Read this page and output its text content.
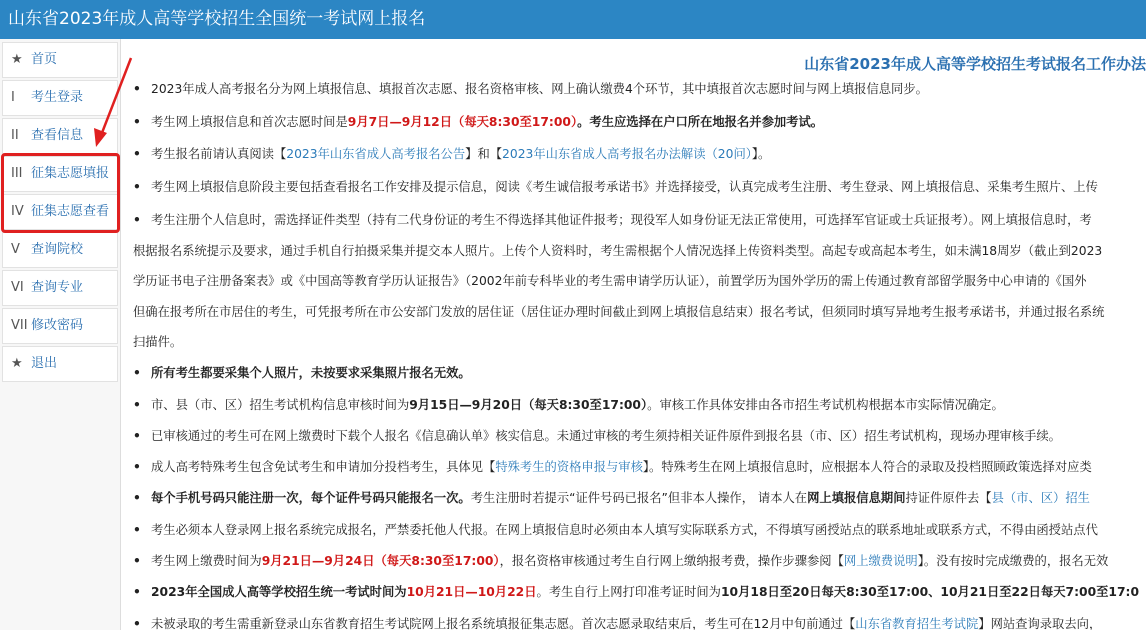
山东省2023年成人高等学校招生全国统一考试网上报名
★ 首页
I 考生登录
II 查看信息
III 征集志愿填报
IV 征集志愿查看
V 查询院校
VI 查询专业
VII 修改密码
★ 退出
山东省2023年成人高等学校招生考试报名工作办法
• 2023年成人高考报名分为网上填报信息、填报首次志愿、报名资格审核、网上确认缴费4个环节，其中填报首次志愿时间与网上填报信息同步。
• 考生网上填报信息和首次志愿时间是9月7日—9月12日（每天8:30至17:00）。考生应选择在户口所在地报名并参加考试。
• 考生报名前请认真阅读【2023年山东省成人高考报名公告】和【2023年山东省成人高考报名办法解读（20问）】。
• 考生网上填报信息阶段主要包括查看报名工作安排及提示信息，阅读《考生诚信报考承诺书》并选择接受，认真完成考生注册、考生登录、网上填报信息、采集考生照片、上传
• 考生注册个人信息时，需选择证件类型（持有二代身份证的考生不得选择其他证件报考；现役军人如身份证无法正常使用，可选择军官证或士兵证报考）。网上填报信息时，考
根据报名系统提示及要求，通过手机自行拍摄采集并提交本人照片。上传个人资料时，考生需根据个人情况选择上传资料类型。高起专或高起本考生，如未满18周岁（截止到2023
学历证书电子注册备案表》或《中国高等教育学历认证报告》（2002年前专科毕业的考生需申请学历认证），前置学历为国外学历的需上传通过教育部留学服务中心申请的《国外
但确在报考所在市居住的考生，可凭报考所在市公安部门发放的居住证（居住证办理时间截止到网上填报信息结束）报名考试，但须同时填写异地考生报考承诺书，并通过报名系统
扫描件。
• 所有考生都要采集个人照片，未按要求采集照片报名无效。
• 市、县（市、区）招生考试机构信息审核时间为9月15日—9月20日（每天8:30至17:00）。审核工作具体安排由各市招生考试机构根据本市实际情况确定。
• 已审核通过的考生可在网上缴费时下载个人报名《信息确认单》核实信息。未通过审核的考生须持相关证件原件到报名县（市、区）招生考试机构，现场办理审核手续。
• 成人高考特殊考生包含免试考生和申请加分投档考生，具体见【特殊考生的资格申报与审核】。特殊考生在网上填报信息时，应根据本人符合的录取及投档照顾政策选择对应类
• 每个手机号码只能注册一次，每个证件号码只能报名一次。考生注册时若提示“证件号码已报名”但非本人操作， 请本人在网上填报信息期间持证件原件去【县（市、区）招生
• 考生必须本人登录网上报名系统完成报名，严禁委托他人代报。在网上填报信息时必须由本人填写实际联系方式，不得填写函授站点的联系地址或联系方式，不得由函授站点代
• 考生网上缴费时间为9月21日—9月24日（每天8:30至17:00），报名资格审核通过考生自行网上缴纳报考费，操作步骤参阅【网上缴费说明】。没有按时完成缴费的，报名无效
• 2023年全国成人高等学校招生统一考试时间为10月21日—10月22日。考生自行上网打印准考证时间为10月18日至20日每天8:30至17:00、10月21日至22日每天7:00至17:0
• 未被录取的考生需重新登录山东省教育招生考试院网上报名系统填报征集志愿。首次志愿录取结束后，考生可在12月中旬前通过【山东省教育招生考试院】网站查询录取去向，
